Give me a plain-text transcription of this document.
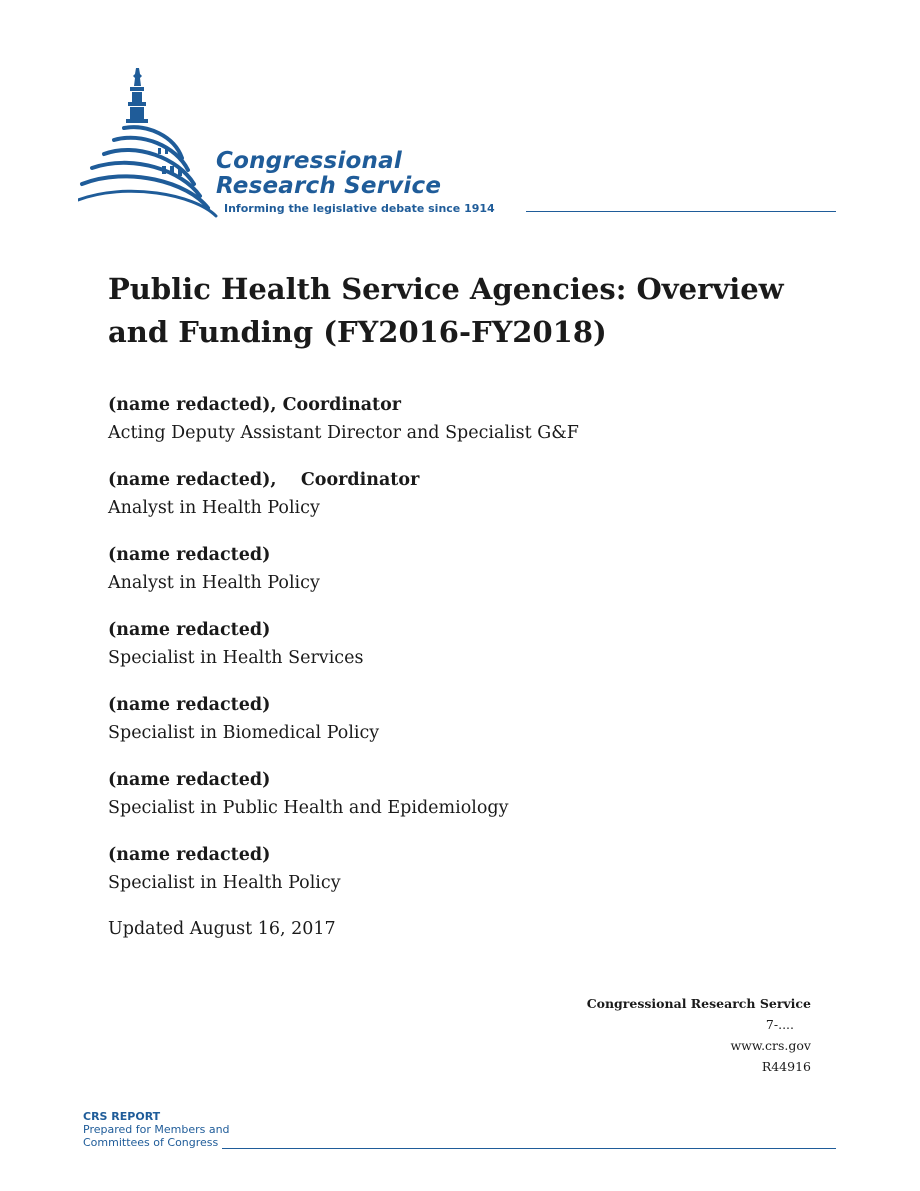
Congressional
Research Service
Informing the legislative debate since 1914
Public Health Service Agencies: Overview and Funding (FY2016-FY2018)
(name redacted), Coordinator
Acting Deputy Assistant Director and Specialist G&F
(name redacted),    Coordinator
Analyst in Health Policy
(name redacted)
Analyst in Health Policy
(name redacted)
Specialist in Health Services
(name redacted)
Specialist in Biomedical Policy
(name redacted)
Specialist in Public Health and Epidemiology
(name redacted)
Specialist in Health Policy
Updated August 16, 2017
Congressional Research Service
7-....
www.crs.gov
R44916
CRS REPORT
Prepared for Members and
Committees of Congress
